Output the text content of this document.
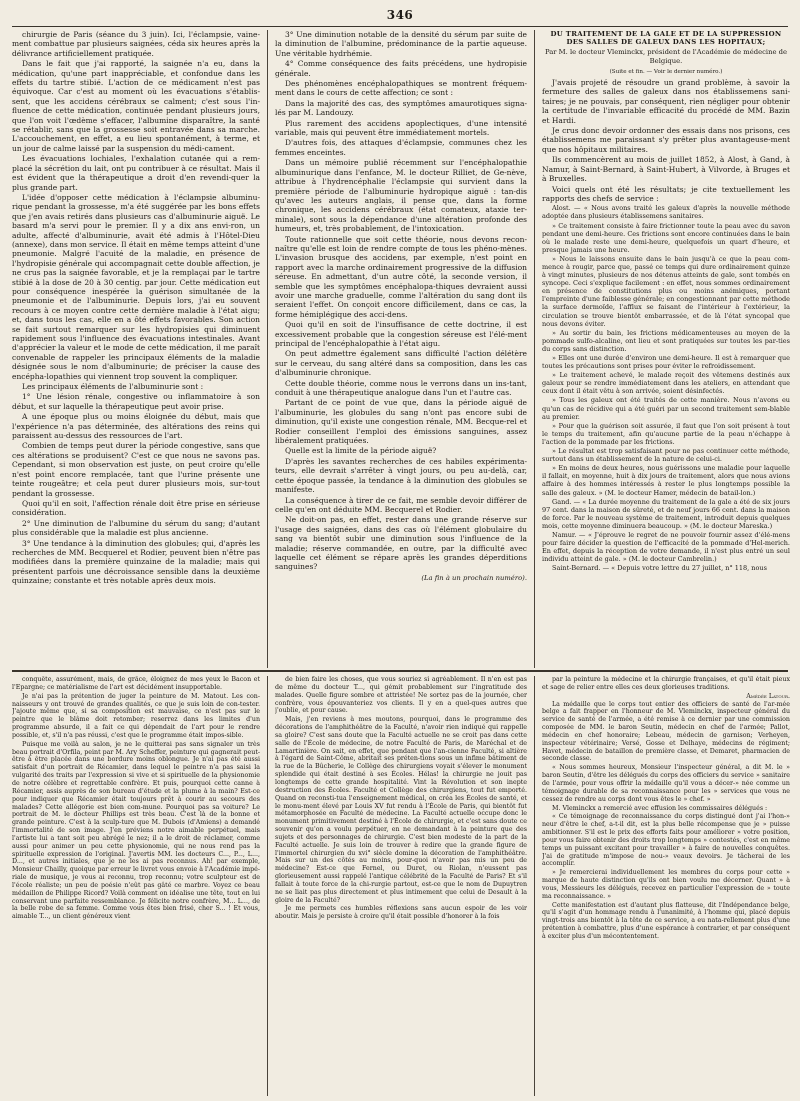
346

chirurgie de Paris (séance du 3 juin). Ici, l'éclampsie, vaine-ment combattue par plusieurs saignées, céda six heures après la délivrance artificiellement pratiquée.

Dans le fait que j'ai rapporté, la saignée n'a eu, dans la médication, qu'une part inappréciable, et confondue dans les effets du tartre stibié. L'action de ce médicament n'est pas équivoque. Car c'est au moment où les évacuations s'établis-sent, que les accidens cérébraux se calment; c'est sous l'in-fluence de cette médication, continuée pendant plusieurs jours, que l'on voit l'œdème s'effacer, l'albumine disparaître, la santé se rétablir, sans que la grossesse soit entravée dans sa marche. L'accouchement, en effet, a eu lieu spontanément, à terme, et un jour de calme laissé par la suspension du médi-cament.

Les évacuations lochiales, l'exhalation cutanée qui a rem-placé la sécrétion du lait, ont pu contribuer à ce résultat. Mais il est évident que la thérapeutique a droit d'en revendi-quer la plus grande part.

L'idée d'opposer cette médication à l'éclampsie albuminu-rique pendant la grossesse, m'a été suggérée par les bons effets que j'en avais retirés dans plusieurs cas d'albuminurie aiguë. Le basard m'a servi pour le premier. Il y a dix ans envi-ron, un adulte, affecté d'albuminurie, avait été admis à l'Hôtel-Dieu (annexe), dans mon service. Il était en même temps atteint d'une pneumonie. Malgré l'acuité de la maladie, en présence de l'hydropisie générale qui accompagnait cette double affection, je ne crus pas la saignée favorable, et je la remplaçai par le tartre stibié à la dose de 20 à 30 centig. par jour. Cette médication eut pour conséquence inespérée la guérison simultanée de la pneumonie et de l'albuminurie. Depuis lors, j'ai eu souvent recours à ce moyen contre cette dernière maladie à l'état aigu; et, dans tous les cas, elle en a ôté effets favorables. Son action se fait surtout remarquer sur les hydropisies qui diminuent rapidement sous l'influence des évacuations intestinales. Avant d'apprécier la valeur et le mode de cette médication, il me paraît convenable de rappeler les principaux éléments de la maladie désignée sous le nom d'albuminurie; de préciser la cause des encépha-lopathies qui viennent trop souvent la compliquer.

Les principaux éléments de l'albuminurie sont :

1° Une lésion rénale, congestive ou inflammatoire à son début, et sur laquelle la thérapeutique peut avoir prise.

A une époque plus ou moins éloignée du début, mais que l'expérience n'a pas déterminée, des altérations des reins qui paraissent au-dessus des ressources de l'art.

Combien de temps peut durer la période congestive, sans que ces altérations se produisent? C'est ce que nous ne savons pas. Cependant, si mon observation est juste, on peut croire qu'elle n'est point encore remplacée, tant que l'urine présente une teinte rougeâtre; et cela peut durer plusieurs mois, sur-tout pendant la grossesse.

Quoi qu'il en soit, l'affection rénale doit être prise en sérieuse considération.

2° Une diminution de l'albumine du sérum du sang; d'autant plus considérable que la maladie est plus ancienne.

3° Une tendance à la diminution des globules; qui, d'après les recherches de MM. Becquerel et Rodier, peuvent bien n'être pas modifiées dans la première quinzaine de la maladie; mais qui présentent parfois une décroissance sensible dans la deuxième quinzaine; constante et très notable après deux mois.

3° Une diminution notable de la densité du sérum par suite de la diminution de l'albumine, prédominance de la partie aqueuse. Une véritable hydrhémie.

4° Comme conséquence des faits précédens, une hydropisie générale.

Des phénomènes encéphalopathiques se montrent fréquem-ment dans le cours de cette affection; ce sont :

Dans la majorité des cas, des symptômes amaurotiques signa-lés par M. Landouzy.

Plus rarement des accidens apoplectiques, d'une intensité variable, mais qui peuvent être immédiatement mortels.

D'autres fois, des attaques d'éclampsie, communes chez les femmes enceintes.

Dans un mémoire publié récemment sur l'encéphalopathie albuminurique dans l'enfance, M. le docteur Rilliet, de Ge-nève, attribue à l'hydrencéphalie l'éclampsie qui survient dans la première période de l'albuminurie hydropique aiguë : tan-dis qu'avec les auteurs anglais, il pense que, dans la forme chronique, les accidens cérébraux (état comateux, ataxie ter-minale), sont sous la dépendance d'une altération profonde des humeurs, et, très probablement, de l'intoxication.

Toute rationnelle que soit cette théorie, nous devons recon-naître qu'elle est loin de rendre compte de tous les phéno-mènes. L'invasion brusque des accidens, par exemple, n'est point en rapport avec la marche ordinairement progressive de la diffusion séreuse. En admettant, d'un autre côté, la seconde version, il semble que les symptômes encéphalopa-thiques devraient aussi avoir une marche graduelle, comme l'altération du sang dont ils seraient l'effet. On conçoit encore difficilement, dans ce cas, la forme hémiplégique des acci-dens.

Quoi qu'il en soit de l'insuffisance de cette doctrine, il est excessivement probable que la congestion séreuse est l'élé-ment principal de l'encéphalopathie à l'état aigu.

On peut admettre également sans difficulté l'action délétère sur le cerveau, du sang altéré dans sa composition, dans les cas d'albuminurie chronique.

Cette double théorie, comme nous le verrons dans un ins-tant, conduit à une thérapeutique analogue dans l'un et l'autre cas.

Partant de ce point de vue que, dans la période aiguë de l'albuminurie, les globules du sang n'ont pas encore subi de diminution, qu'il existe une congestion rénale, MM. Becque-rel et Rodier conseillent l'emploi des émissions sanguines, assez libéralement pratiquées.

Quelle est la limite de la période aiguë?

D'après les savantes recherches de ces habiles expérimenta-teurs, elle devrait s'arrêter à vingt jours, ou peu au-delà, car, cette époque passée, la tendance à la diminution des globules se manifeste.

La conséquence à tirer de ce fait, me semble devoir différer de celle qu'en ont déduite MM. Becquerel et Rodier.

Ne doit-on pas, en effet, rester dans une grande réserve sur l'usage des saignées, dans des cas où l'élément globulaire du sang va bientôt subir une diminution sous l'influence de la maladie; réserve commandée, en outre, par la difficulté avec laquelle cet élément se répare après les grandes déperditions sanguines?

(La fin à un prochain numéro).

DU TRAITEMENT DE LA GALE ET DE LA SUPPRESSION DES SALLES DE GALEUX DANS LES HOPITAUX;

Par M. le docteur Vleminckx, président de l'Académie de médecine de Belgique.

(Suite et fin. — Voir le dernier numéro.)

J'avais projeté de résoudre un grand problème, à savoir la fermeture des salles de galeux dans nos établissemens sani-taires; je ne pouvais, par conséquent, rien négliger pour obtenir la certitude de l'invariable efficacité du procédé de MM. Bazin et Hardi.

Je crus donc devoir ordonner des essais dans nos prisons, ces établissemens me paraissant s'y prêter plus avantageuse-ment que nos hôpitaux militaires.

Ils commencèrent au mois de juillet 1852, à Alost, à Gand, à Namur, à Saint-Bernard, à Saint-Hubert, à Vilvorde, à Bruges et à Bruxelles.

Voici quels ont été les résultats; je cite textuellement les rapports des chefs de service :

Alost. — « Nous avons traité les galeux d'après la nouvelle méthode adoptée dans plusieurs établissemens sanitaires.

» Ce traitement consiste à faire frictionner toute la peau avec du savon pendant une demi-heure. Ces frictions sont encore continuées dans le bain où le malade reste une demi-heure, quelquefois un quart d'heure, et presque jamais une heure.

» Nous le laissons ensuite dans le bain jusqu'à ce que la peau com-mence à rougir, parce que, passé ce temps qui dure ordinairement quinze à vingt minutes, plusieurs de nos détenus atteints de gale, sont tombés en syncope. Ceci s'explique facilement : en effet, nous sommes ordinairement en présence de constitutions plus ou moins anémiques, portant l'empreinte d'une faiblesse générale; en congestionnant par cette méthode la surface dermoïde, l'afflux se faisant de l'intérieur à l'extérieur, la circulation se trouve bientôt embarrassée, et de là l'état syncopal que nous devons éviter.

» Au sortir du bain, les frictions médicamenteuses au moyen de la pommade sulfo-alcaline, ont lieu et sont pratiquées sur toutes les par-ties du corps sans distinction.

» Elles ont une durée d'environ une demi-heure. Il est à remarquer que toutes les précautions sont prises pour éviter le refroidissement.

» Le traitement achevé, le malade reçoit des vêtemens destinés aux galeux pour se rendre immédiatement dans les ateliers, en attendant que ceux dont il était vêtu à son arrivée, soient désinfectés.

» Tous les galeux ont été traités de cette manière. Nous n'avons eu qu'un cas de récidive qui a été guéri par un second traitement sem-blable au premier.

» Pour que la guérison soit assurée, il faut que l'on soit présent à tout le temps du traitement, afin qu'aucune partie de la peau n'échappe à l'action de la pommade par les frictions.

» Le résultat est trop satisfaisant pour ne pas continuer cette méthode, surtout dans un établissement de la nature de celui-ci.

» En moins de deux heures, nous guérissons une maladie pour laquelle il fallait, en moyenne, huit à dix jours de traitement, alors que nous avions affaire à des hommes intéressés à rester le plus longtemps possible la salle des galeux. » (M. le docteur Hamer, médecin de batail-lon.)

Gand. — « La durée moyenne du traitement de la gale a été de six jours 97 cent. dans la maison de sûreté, et de neuf jours 66 cent. dans la maison de force. Par le nouveau système de traitement, introduit depuis quelques mois, cette moyenne diminuera beaucoup. » (M. le docteur Mareska.)

Namur. — « J'éprouve le regret de ne pouvoir fournir assez d'élé-mens pour faire décider la question de l'efficacité de la pommade d'Hel-merich. En effet, depuis la réception de votre demande, il n'est plus entré un seul individu atteint de gale. » (M. le docteur Cambrelin.)

Saint-Bernard. — « Depuis votre lettre du 27 juillet, n° 118, nous

conquête, assurément, mais, de grâce, éloignez de mes yeux le Bacon et l'Epargne; ce matérialisme de l'art est décidément insupportable.

Je n'ai pas la prétention de juger la peinture de M. Matout. Les con-naisseurs y ont trouvé de grandes qualités, ce que je suis loin de con-tester. J'ajoute même que, si sa composition est mauvaise, ce n'est pas sur le peintre que le blâme doit retomber; reserrez dans les limites d'un programme absurde, il a fait ce qui dépendait de l'art pour le rendre possible, et, s'il n'a pas réussi, c'est que le programme était impos-sible.

Puisque me voilà au salon, je ne le quitterai pas sans signaler un très beau portrait d'Orfila, peint par M. Ary Scheffer, peinture qui gagnerait peut-être à être placée dans une bordure moins oblongue. Je n'ai pas été aussi satisfait d'un portrait de Récamier, dans lequel le peintre n'a pas saisi la vulgarité des traits par l'expression si vive et si spirituelle de la physionomie de notre célèbre et regrettable confrère. Et puis, pourquoi cette canne à Récamier, assis auprès de son bureau d'étude et la plume à la main? Est-ce pour indiquer que Récamier était toujours prêt à courir au secours des malades? Cette allégorie est bien com-mune. Pourquoi pas sa voiture? Le portrait de M. le docteur Phillips est très beau. C'est là de la bonne et grande peinture. C'est à la sculp-ture que M. Dubois (d'Amiens) a demandé l'immortalité de son image. J'en préviens notre aimable perpétuel, mais l'artiste lui a tant soit peu abrégé le nez; il a le droit de réclamer, comme aussi pour animer un peu cette physionomie, qui ne nous rend pas la spirituelle expression de l'original. J'avertis MM. les docteurs C..., P..., L..., D..., et autres initiales, que je ne les ai pas reconnus. Ah! par exemple, Monsieur Chailly, quoique par erreur le livret vous envoie à l'Académie impé-riale de musique, je vous ai reconnu, trop reconnu; votre sculpteur est de l'école réaliste; un peu de poésie n'eût pas gâté ce marbre. Voyez ce beau médaillon de Philippe Ricord? Voilà comment on idéalise une tête, tout en lui conservant une parfaite ressemblance. Je félicite notre confrère, M... L..., de la belle robe de sa femme. Comme vous êtes bien frisé, cher S... ! Et vous, aimable T..., un client généreux vient

de bien faire les choses, que vous souriez si agréablement. Il n'en est pas de même du docteur T..., qui gémit probablement sur l'ingratitude des malades. Quelle figure sombre et attristée! Ne sortez pas de la journée, cher confrère, vous épouvanteriez vos clients. Il y en a quel-ques autres que j'oublie, et pour cause.

Mais, j'en reviens à mes moutons, pourquoi, dans le programme des décorations de l'amphithéâtre de la Faculté, n'avoir rien indiqué qui rappelle sa gloire? C'est sans doute que la Faculté actuelle ne se croit pas dans cette salle de l'École de médecine, de notre Faculté de Paris, de Maréchal et de Lamartinière. On sait, en effet, que pendant que l'an-cienne Faculté, si altière à l'égard de Saint-Côme, abritait ses préten-tions sous un infime bâtiment de la rue de la Bûcherie, le Collège des chirurgiens voyait s'élever le monument splendide qui était destiné à ses Écoles. Hélas! la chirurgie ne jouit pas longtemps de cette grande hospitalité. Vint la Révolution et son inepte destruction des Écoles. Faculté et Collège des chirurgiens, tout fut emporté. Quand on reconsti-tua l'enseignement médical, on créa les Écoles de santé, et le monu-ment élevé par Louis XV fut rendu à l'École de Paris, qui bientôt fut métamorphosée en Faculté de médecine. La Faculté actuelle occupe donc le monument primitivement destiné à l'École de chirurgie, et c'est sans doute ce souvenir qu'on a voulu perpétuer, en ne demandant à la peinture que des sujets et des personnages de chirurgie. C'est bien modeste de la part de la Faculté actuelle. Je suis loin de trouver à redire que la grande figure de l'immortel chirurgien du xvi° siècle domine la décoration de l'amphithéâtre. Mais sur un des côtés au moins, pour-quoi n'avoir pas mis un peu de médecine? Est-ce que Fernel, ou Duret, ou Riolan, n'eussent pas glorieusement aussi rappelé l'antique célébrité de la Faculté de Paris? Et s'il fallait à toute force de la chi-rurgie partout, est-ce que le nom de Dupuytren ne se liait pas plus directement et plus intimement que celui de Desault à la gloire de la Faculté?

Je me permets ces humbles réflexions sans aucun espoir de les voir aboutir. Mais je persiste à croire qu'il était possible d'honorer à la fois

par la peinture la médecine et la chirurgie françaises, et qu'il était pieux et sage de relier entre elles ces deux glorieuses traditions.

Amédée Latour.

La médaille que le corps tout entier des officiers de santé de l'ar-mée belge a fait frapper en l'honneur de M. Vleminckx, inspecteur général du service de santé de l'armée, a été remise à ce dernier par une commission composée de MM. le baron Seutin, médecin en chef de l'armée; Pallot, médecin en chef honoraire; Lebeau, médecin de garnison; Verheyen, inspecteur vétérinaire; Versé, Gosse et Delhaye, médecins de régiment; Havet, médecin de bataillon de première classe, et Demaret, pharmacien de seconde classe.

« Nous sommes heureux, Monsieur l'inspecteur général, a dit M. le » baron Seutin, d'être les délégués du corps des officiers du service » sanitaire de l'armée, pour vous offrir la médaille qu'il vous a décer-» née comme un témoignage durable de sa reconnaissance pour les » services que vous ne cessez de rendre au corps dont vous êtes le » chef. »

M. Vleminckx a remercié avec effusion les commissaires délégués :

« Ce témoignage de reconnaissance du corps distingué dont j'ai l'hon-» neur d'être le chef, a-t-il dit, est la plus belle récompense que je » puisse ambitionner. S'il est le prix des efforts faits pour améliorer » votre position, pour vous faire obtenir des droits trop longtemps » contestés, c'est en même temps un puissant excitant pour travailler » à faire de nouvelles conquêtes. J'ai de gratitude m'impose de nou-» veaux devoirs. Je tâcherai de les accomplir.

» Je remercierai individuellement les membres du corps pour cette » marque de haute distinction qu'ils ont bien voulu me décerner. Quant » à vous, Messieurs les délégués, recevez en particulier l'expression de » toute ma reconnaissance. »

Cette manifestation est d'autant plus flatteuse, dit l'Indépendance belge, qu'il s'agit d'un hommage rendu à l'unanimité, à l'homme qui, placé depuis vingt-trois ans bientôt à la tête de ce service, a eu nata-rellement plus d'une prétention à combattre, plus d'une espérance à contrarier, et par conséquent à exciter plus d'un mécontentement.
